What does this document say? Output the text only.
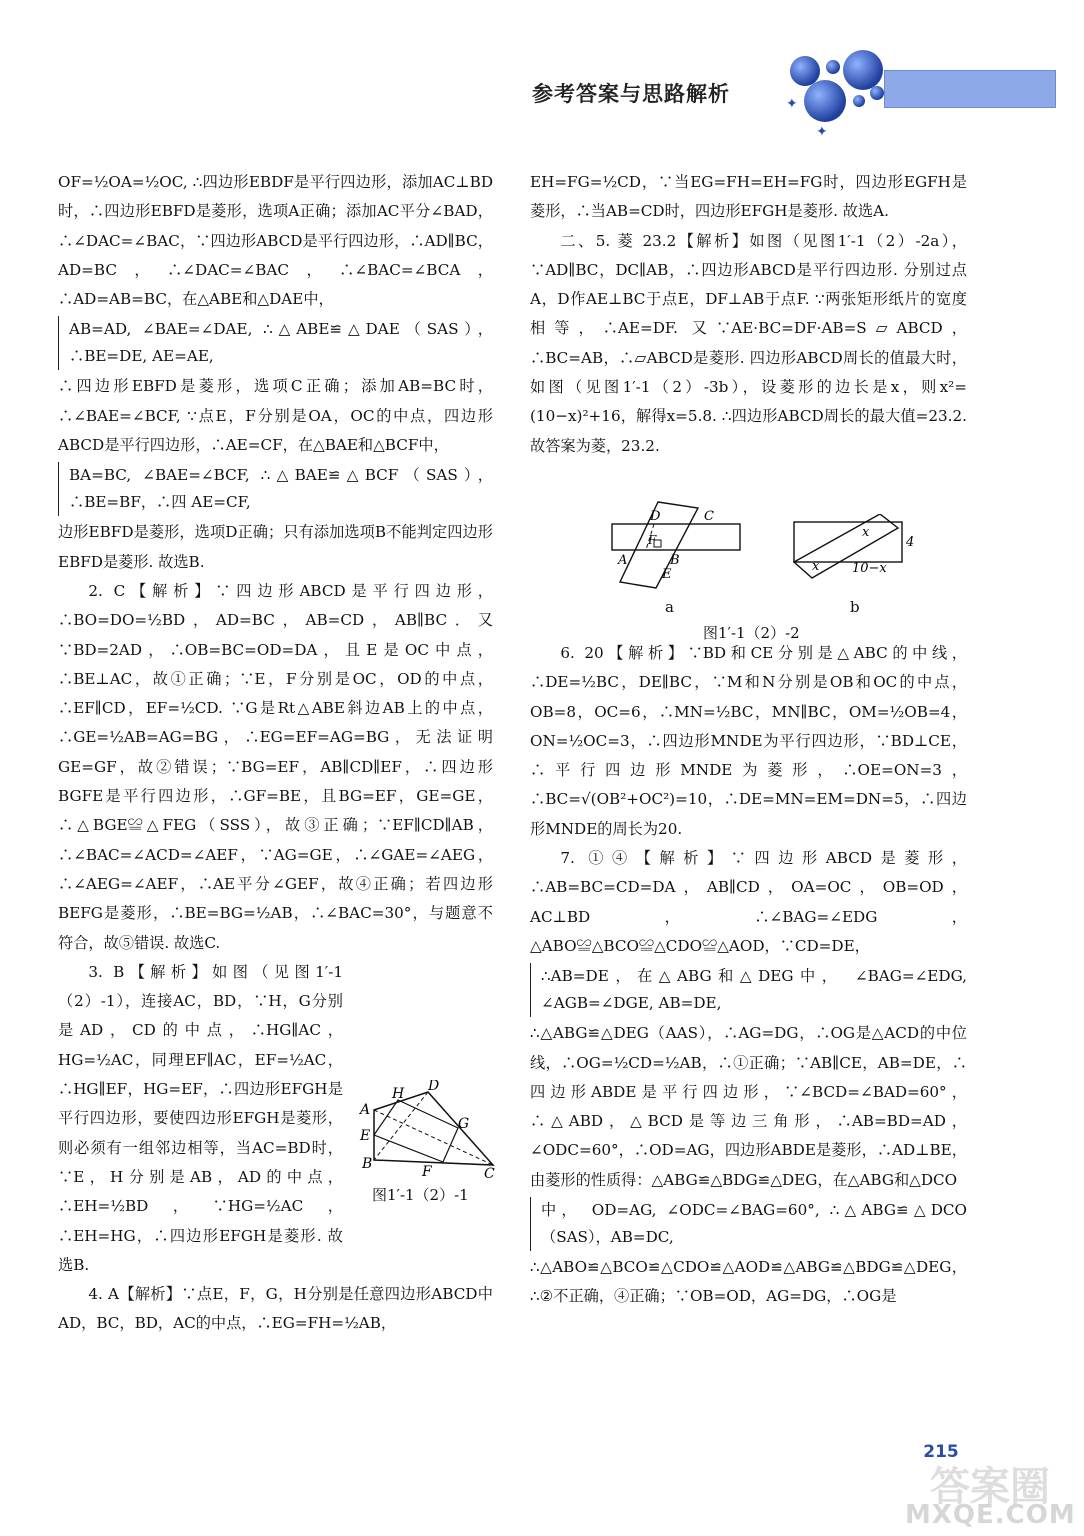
参考答案与思路解析	✦
✦

OF=½OA=½OC, ∴四边形EBDF是平行四边形，添加AC⊥BD时，∴四边形EBFD是菱形，选项A正确；添加AC平分∠BAD，∴∠DAC=∠BAC，∵四边形ABCD是平行四边形，∴AD∥BC，AD=BC，∴∠DAC=∠BAC，∴∠BAC=∠BCA，∴AD=AB=BC，在△ABE和△DAE中，

AB=AD, ∠BAE=∠DAE, ∴△ABE≌△DAE（SAS），∴BE=DE, AE=AE,

∴四边形EBFD是菱形，选项C正确；添加AB=BC时，∴∠BAE=∠BCF, ∵点E，F分别是OA，OC的中点，四边形ABCD是平行四边形，∴AE=CF，在△BAE和△BCF中，

BA=BC, ∠BAE=∠BCF, ∴△BAE≌△BCF（SAS），∴BE=BF，∴四 AE=CF,

边形EBFD是菱形，选项D正确；只有添加选项B不能判定四边形EBFD是菱形. 故选B.

2. C【解析】∵四边形ABCD是平行四边形，∴BO=DO=½BD，AD=BC，AB=CD，AB∥BC．又∵BD=2AD，∴OB=BC=OD=DA，且E是OC中点，∴BE⊥AC，故①正确；∵E，F分别是OC，OD的中点，∴EF∥CD，EF=½CD. ∵G是Rt△ABE斜边AB上的中点，∴GE=½AB=AG=BG，∴EG=EF=AG=BG，无法证明GE=GF，故②错误；∵BG=EF，AB∥CD∥EF，∴四边形BGFE是平行四边形，∴GF=BE，且BG=EF，GE=GE，∴△BGE≌△FEG（SSS），故③正确；∵EF∥CD∥AB，∴∠BAC=∠ACD=∠AEF，∵AG=GE，∴∠GAE=∠AEG，∴∠AEG=∠AEF，∴AE平分∠GEF，故④正确；若四边形BEFG是菱形，∴BE=BG=½AB，∴∠BAC=30°，与题意不符合，故⑤错误. 故选C.

3. B【解析】如图（见图1′-1（2）-1），连接AC，BD，∵H，G分别是AD，CD的中点，∴HG∥AC，HG=½AC，同理EF∥AC，EF=½AC，∴HG∥EF，HG=EF，∴四边形EFGH是平行四边形，要使四边形EFGH是菱形，则必须有一组邻边相等，当AC=BD时，∵E，H分别是AB，AD的中点，∴EH=½BD，∵HG=½AC，∴EH=HG，∴四边形EFGH是菱形. 故选B.

4. A【解析】∵点E，F，G，H分别是任意四边形ABCD中AD，BC，BD，AC的中点，∴EG=FH=½AB，

A
H D
E
G
B	F	C
图1′-1（2）-1

EH=FG=½CD，∵当EG=FH=EH=FG时，四边形EGFH是菱形，∴当AB=CD时，四边形EFGH是菱形. 故选A.

二、5. 菱 23.2【解析】如图（见图1′-1（2）-2a），∵AD∥BC，DC∥AB，∴四边形ABCD是平行四边形. 分别过点A，D作AE⊥BC于点E，DF⊥AB于点F. ∵两张矩形纸片的宽度相等，∴AE=DF. 又∵AE·BC=DF·AB=S▱ABCD，∴BC=AB，∴▱ABCD是菱形. 四边形ABCD周长的值最大时，如图（见图1′-1（2）-3b），设菱形的边长是x，则x²=(10−x)²+16，解得x=5.8. ∴四边形ABCD周长的最大值=23.2. 故答案为菱，23.2.

6. 20【解析】∵BD和CE分别是△ABC的中线，∴DE=½BC，DE∥BC，∵M和N分别是OB和OC的中点，OB=8，OC=6，∴MN=½BC，MN∥BC，OM=½OB=4，ON=½OC=3，∴四边形MNDE为平行四边形，∵BD⊥CE，∴平行四边形MNDE为菱形，∴OE=ON=3，∴BC=√(OB²+OC²)=10，∴DE=MN=EM=DN=5，∴四边形MNDE的周长为20.

7. ①④【解析】∵四边形ABCD是菱形，∴AB=BC=CD=DA，AB∥CD，OA=OC，OB=OD，AC⊥BD，∴∠BAG=∠EDG，△ABO≌△BCO≌△CDO≌△AOD，∵CD=DE，

∴AB=DE，在△ABG和△DEG中， ∠BAG=∠EDG, ∠AGB=∠DGE, AB=DE,

∴△ABG≌△DEG（AAS），∴AG=DG，∴OG是△ACD的中位线，∴OG=½CD=½AB，∴①正确；∵AB∥CE，AB=DE，∴四边形ABDE是平行四边形，∵∠BCD=∠BAD=60°，∴△ABD，△BCD是等边三角形，∴AB=BD=AD，∠ODC=60°，∴OD=AG，四边形ABDE是菱形，∴AD⊥BE，由菱形的性质得：△ABG≌△BDG≌△DEG，在△ABG和△DCO

中， OD=AG, ∠ODC=∠BAG=60°, ∴△ABG≌△DCO（SAS），AB=DC,

∴△ABO≌△BCO≌△CDO≌△AOD≌△ABG≌△BDG≌△DEG，∴②不正确，④正确；∵OB=OD，AG=DG，∴OG是

D	C
F
A	B
E
a
x
4
x	10−x
b
图1′-1（2）-2
215
答案圈
MXQE.COM
